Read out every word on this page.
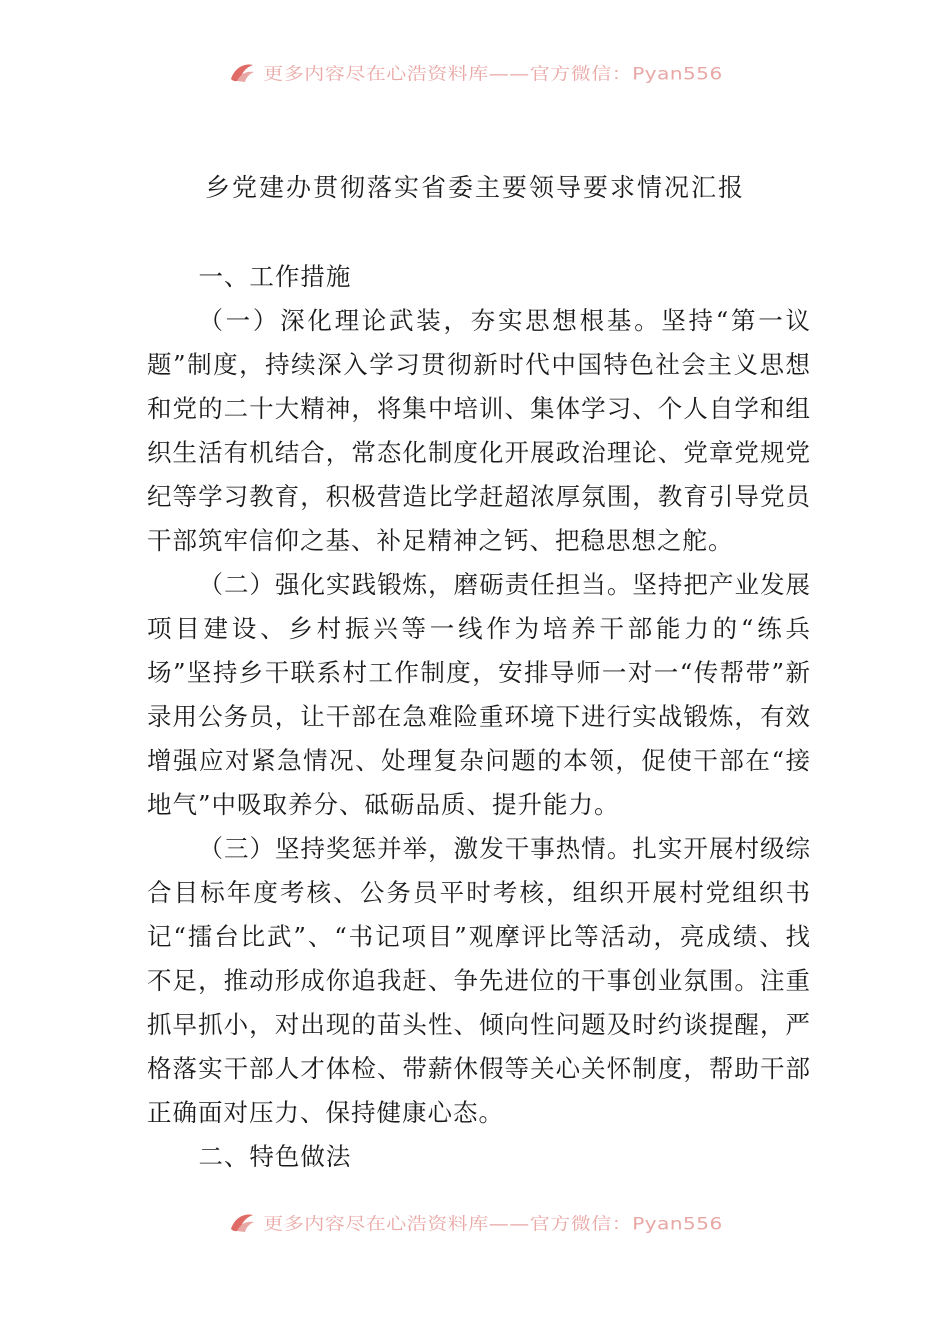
更多内容尽在心浩资料库——官方微信：Pyan556
乡党建办贯彻落实省委主要领导要求情况汇报

一、工作措施

（一）深化理论武装，夯实思想根基。坚持“第一议题”制度，持续深入学习贯彻新时代中国特色社会主义思想和党的二十大精神，将集中培训、集体学习、个人自学和组织生活有机结合，常态化制度化开展政治理论、党章党规党纪等学习教育，积极营造比学赶超浓厚氛围，教育引导党员干部筑牢信仰之基、补足精神之钙、把稳思想之舵。

（二）强化实践锻炼，磨砺责任担当。坚持把产业发展项目建设、乡村振兴等一线作为培养干部能力的“练兵场”坚持乡干联系村工作制度，安排导师一对一“传帮带”新录用公务员，让干部在急难险重环境下进行实战锻炼，有效增强应对紧急情况、处理复杂问题的本领，促使干部在“接地气”中吸取养分、砥砺品质、提升能力。

（三）坚持奖惩并举，激发干事热情。扎实开展村级综合目标年度考核、公务员平时考核，组织开展村党组织书记“擂台比武”、“书记项目”观摩评比等活动，亮成绩、找不足，推动形成你追我赶、争先进位的干事创业氛围。注重抓早抓小，对出现的苗头性、倾向性问题及时约谈提醒，严格落实干部人才体检、带薪休假等关心关怀制度，帮助干部正确面对压力、保持健康心态。

二、特色做法

更多内容尽在心浩资料库——官方微信：Pyan556
